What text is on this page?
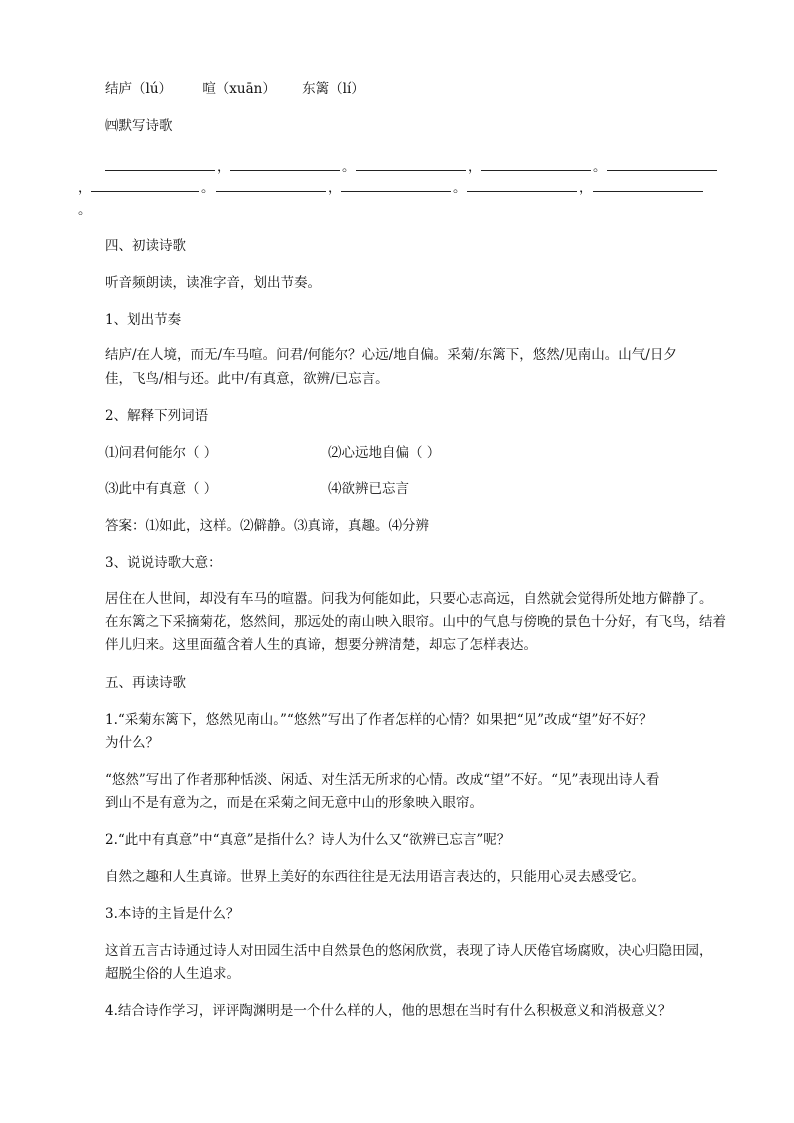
结庐（lú） 喧（xuān） 东篱（lí）
㈣默写诗歌
，	。	，	。
，	。	，	。	，
。
四、初读诗歌
听音频朗读，读准字音，划出节奏。
1、划出节奏
结庐/在人境，而无/车马喧。问君/何能尔？心远/地自偏。采菊/东篱下，悠然/见南山。山气/日夕
佳，飞鸟/相与还。此中/有真意，欲辨/已忘言。
2、解释下列词语
⑴问君何能尔（ ）	⑵心远地自偏（ ）
⑶此中有真意（ ）	⑷欲辨已忘言
答案：⑴如此，这样。⑵僻静。⑶真谛，真趣。⑷分辨
3、说说诗歌大意：
居住在人世间，却没有车马的喧嚣。问我为何能如此，只要心志高远，自然就会觉得所处地方僻静了。
在东篱之下采摘菊花，悠然间，那远处的南山映入眼帘。山中的气息与傍晚的景色十分好，有飞鸟，结着
伴儿归来。这里面蕴含着人生的真谛，想要分辨清楚，却忘了怎样表达。
五、再读诗歌
1.“采菊东篱下，悠然见南山。”“悠然”写出了作者怎样的心情？如果把“见”改成“望”好不好？
为什么？
“悠然”写出了作者那种恬淡、闲适、对生活无所求的心情。改成“望”不好。“见”表现出诗人看
到山不是有意为之，而是在采菊之间无意中山的形象映入眼帘。
2.“此中有真意”中“真意”是指什么？诗人为什么又“欲辨已忘言”呢？
自然之趣和人生真谛。世界上美好的东西往往是无法用语言表达的，只能用心灵去感受它。
3.本诗的主旨是什么？
这首五言古诗通过诗人对田园生活中自然景色的悠闲欣赏，表现了诗人厌倦官场腐败，决心归隐田园，
超脱尘俗的人生追求。
4.结合诗作学习，评评陶渊明是一个什么样的人，他的思想在当时有什么积极意义和消极意义？
